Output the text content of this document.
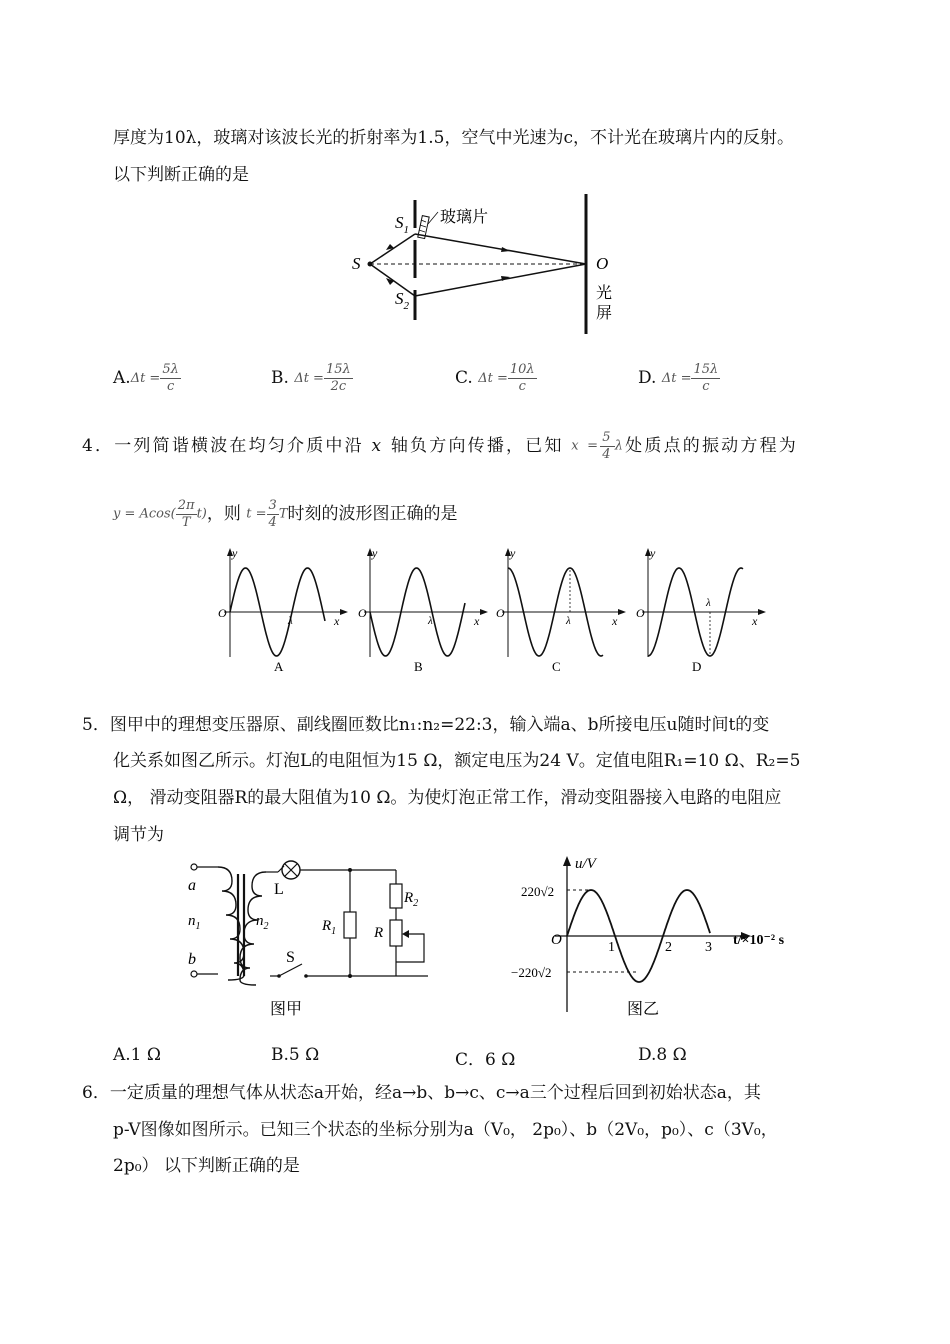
厚度为10λ，玻璃对该波长光的折射率为1.5，空气中光速为c，不计光在玻璃片内的反射。
以下判断正确的是
S
$S_1$
$S_2$
玻璃片
O
光
屏
$A.\Delta t = \frac{5\lambda}{c}$	B. $\Delta t = \frac{15\lambda}{2c}$	C. $\Delta t = \frac{10\lambda}{c}$	D. $\Delta t = \frac{15\lambda}{c}$
4．一列简谐横波在均匀介质中沿 x 轴负方向传播，已知 $x = \frac{5}{4}$ λ处质点的振动方程为
$y = Acos( \frac{2\pi}{T} t)$，则 $t = \frac{3}{4}$ T时刻的波形图正确的是
y
x
O
λ
A
y
x
O
λ
B
y
x
O
λ
C
y
x
O
λ
D
5．图甲中的理想变压器原、副线圈匝数比n₁:n₂=22:3，输入端a、b所接电压u随时间t的变
化关系如图乙所示。灯泡L的电阻恒为15 Ω，额定电压为24 V。定值电阻R₁=10 Ω、R₂=5
Ω， 滑动变阻器R的最大阻值为10 Ω。为使灯泡正常工作，滑动变阻器接入电路的电阻应
调节为
a
b
$n_1$	$n_2$
L
S
$R_1$
$R_2$
R
图甲
u/V
220√2
−220√2
O	1	2 3 t/×10⁻² s
图乙
A.1 Ω	B.5 Ω	C．6 Ω	D.8 Ω
6．一定质量的理想气体从状态a开始，经a→b、b→c、c→a三个过程后回到初始状态a，其
p-V图像如图所示。已知三个状态的坐标分别为a（V₀， 2p₀）、b（2V₀，p₀）、c（3V₀，
2p₀） 以下判断正确的是
